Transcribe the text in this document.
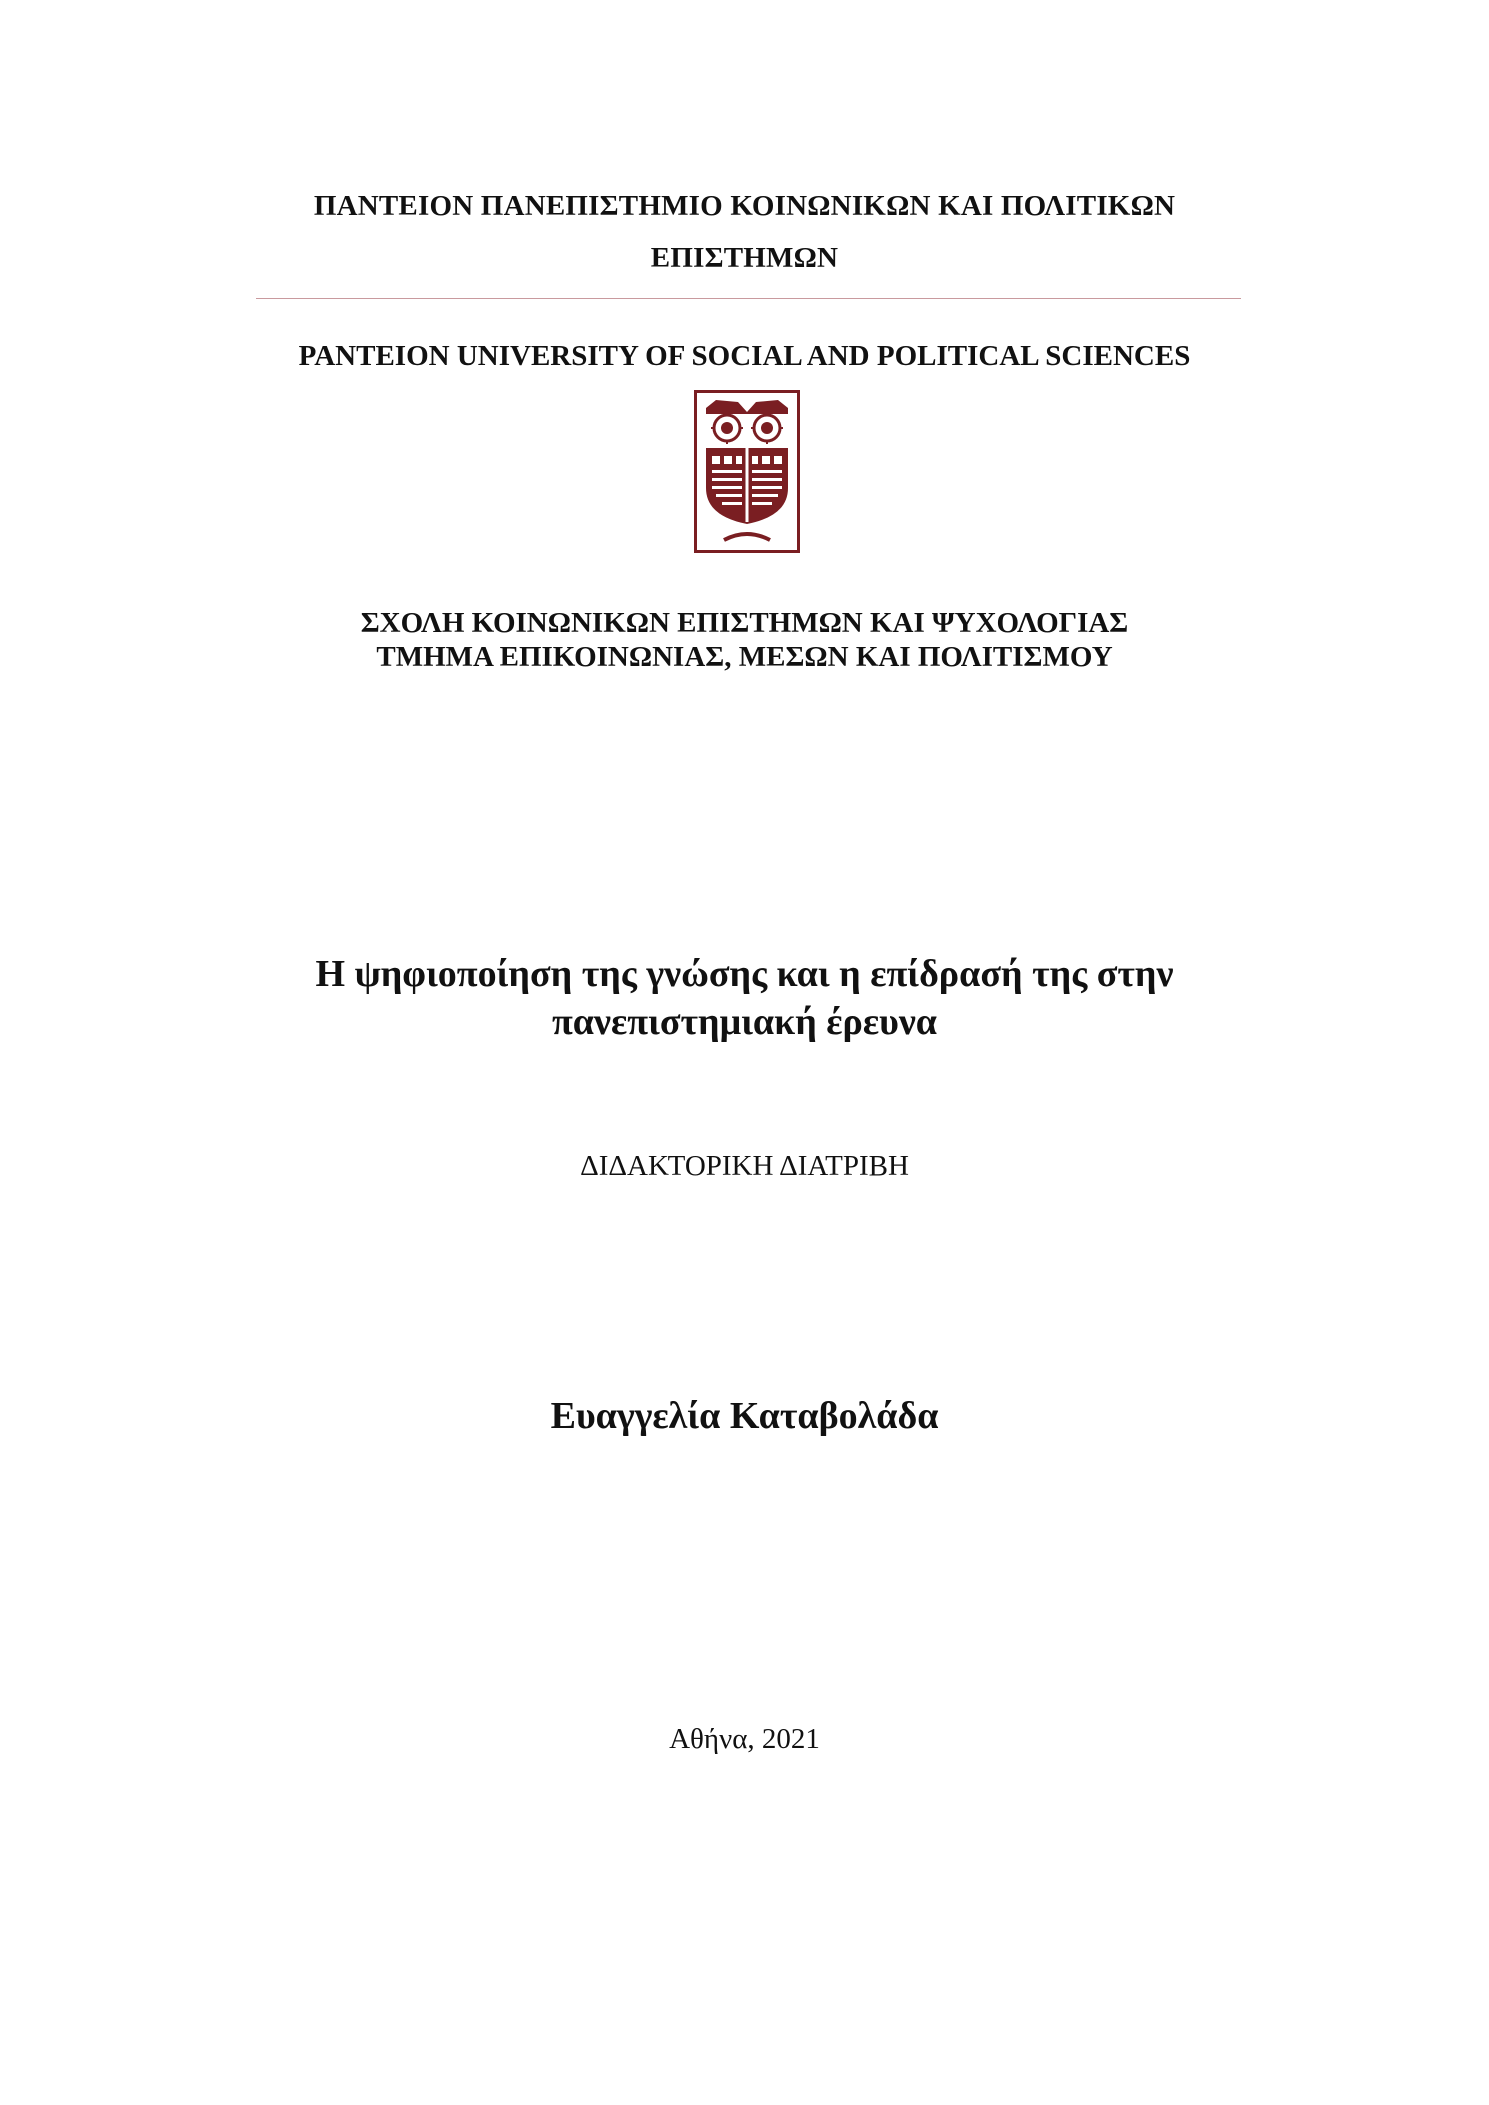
ΠΑΝΤΕΙΟΝ ΠΑΝΕΠΙΣΤΗΜΙΟ ΚΟΙΝΩΝΙΚΩΝ ΚΑΙ ΠΟΛΙΤΙΚΩΝ
ΕΠΙΣΤΗΜΩΝ
PANTEION UNIVERSITY OF SOCIAL AND POLITICAL SCIENCES
ΣΧΟΛΗ ΚΟΙΝΩΝΙΚΩΝ ΕΠΙΣΤΗΜΩΝ ΚΑΙ ΨΥΧΟΛΟΓΙΑΣ
ΤΜΗΜΑ ΕΠΙΚΟΙΝΩΝΙΑΣ, ΜΕΣΩΝ ΚΑΙ ΠΟΛΙΤΙΣΜΟΥ
Η ψηφιοποίηση της γνώσης και η επίδρασή της στην
πανεπιστημιακή έρευνα
ΔΙΔΑΚΤΟΡΙΚΗ ΔΙΑΤΡΙΒΗ
Ευαγγελία Καταβολάδα
Αθήνα, 2021
